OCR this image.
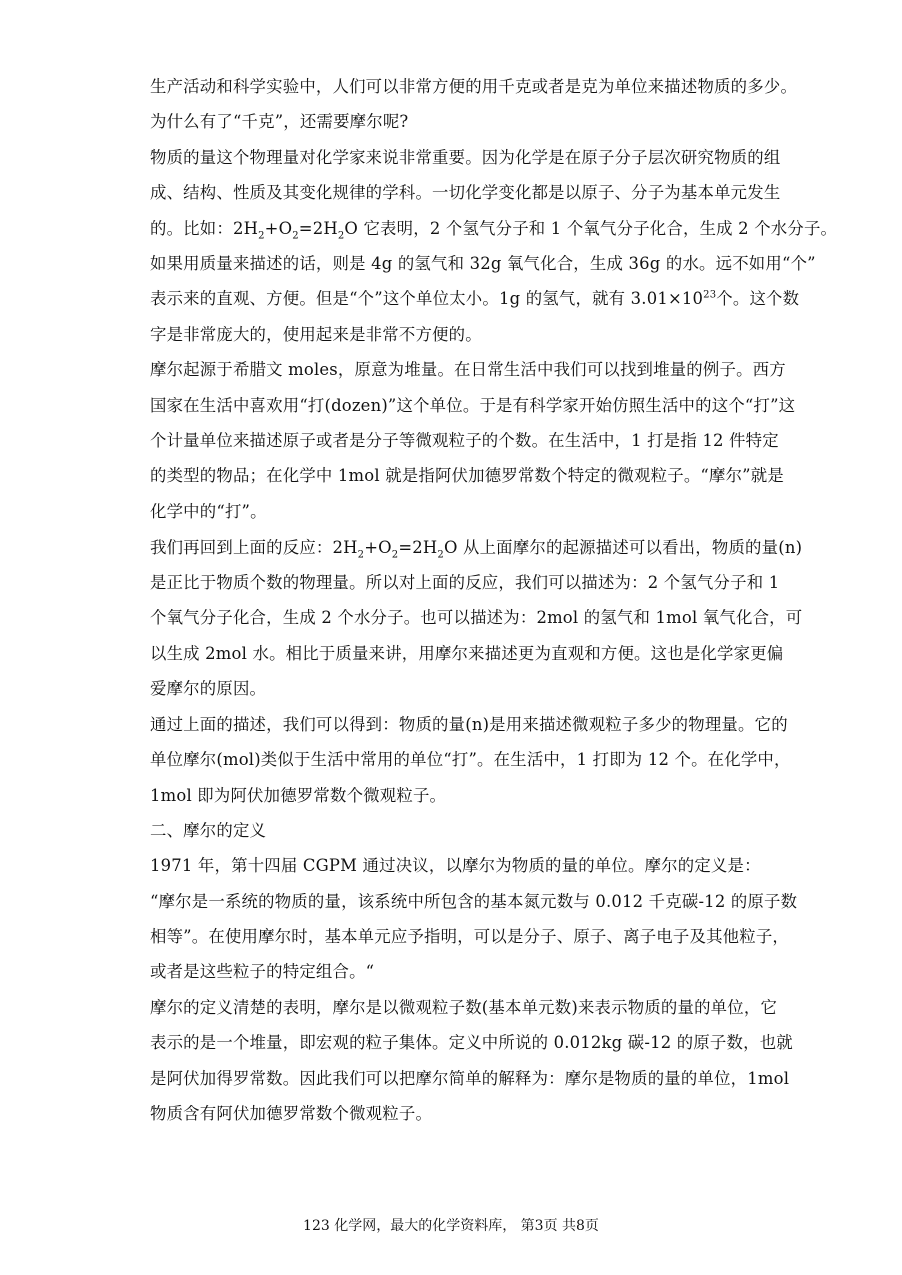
生产活动和科学实验中，人们可以非常方便的用千克或者是克为单位来描述物质的多少。
为什么有了“千克”，还需要摩尔呢?
物质的量这个物理量对化学家来说非常重要。因为化学是在原子分子层次研究物质的组
成、结构、性质及其变化规律的学科。一切化学变化都是以原子、分子为基本单元发生
的。比如：$2H_2+O_2=2H_2O$ 它表明，2 个氢气分子和 1 个氧气分子化合，生成 2 个水分子。
如果用质量来描述的话，则是 4g 的氢气和 32g 氧气化合，生成 36g 的水。远不如用“个”
表示来的直观、方便。但是“个”这个单位太小。1g 的氢气，就有 $3.01\times 10^{23}$个。这个数
字是非常庞大的，使用起来是非常不方便的。
摩尔起源于希腊文 moles，原意为堆量。在日常生活中我们可以找到堆量的例子。西方
国家在生活中喜欢用“打(dozen)”这个单位。于是有科学家开始仿照生活中的这个“打”这
个计量单位来描述原子或者是分子等微观粒子的个数。在生活中，1 打是指 12 件特定
的类型的物品；在化学中 1mol 就是指阿伏加德罗常数个特定的微观粒子。“摩尔”就是
化学中的“打”。
我们再回到上面的反应：$2H_2+O_2=2H_2O$ 从上面摩尔的起源描述可以看出，物质的量(n)
是正比于物质个数的物理量。所以对上面的反应，我们可以描述为：2 个氢气分子和 1
个氧气分子化合，生成 2 个水分子。也可以描述为：2mol 的氢气和 1mol 氧气化合，可
以生成 2mol 水。相比于质量来讲，用摩尔来描述更为直观和方便。这也是化学家更偏
爱摩尔的原因。
通过上面的描述，我们可以得到：物质的量(n)是用来描述微观粒子多少的物理量。它的
单位摩尔(mol)类似于生活中常用的单位“打”。在生活中，1 打即为 12 个。在化学中，
1mol 即为阿伏加德罗常数个微观粒子。
二、摩尔的定义
1971 年，第十四届 CGPM 通过决议，以摩尔为物质的量的单位。摩尔的定义是：
“摩尔是一系统的物质的量，该系统中所包含的基本氮元数与 0.012 千克碳-12 的原子数
相等”。在使用摩尔时，基本单元应予指明，可以是分子、原子、离子电子及其他粒子，
或者是这些粒子的特定组合。“
摩尔的定义清楚的表明，摩尔是以微观粒子数(基本单元数)来表示物质的量的单位，它
表示的是一个堆量，即宏观的粒子集体。定义中所说的 0.012kg 碳-12 的原子数，也就
是阿伏加得罗常数。因此我们可以把摩尔简单的解释为：摩尔是物质的量的单位，1mol
物质含有阿伏加德罗常数个微观粒子。
123 化学网，最大的化学资料库， 第3页 共8页
